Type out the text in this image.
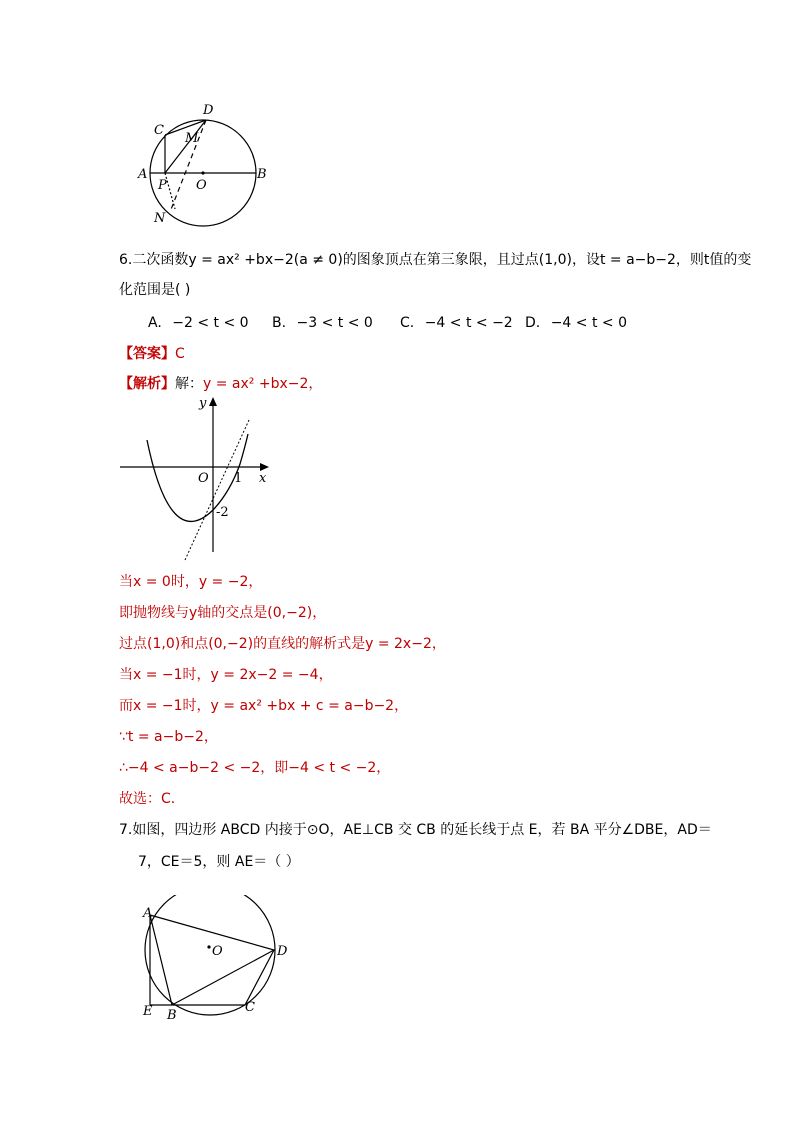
D
C
M
A
O
B
P
N
6.二次函数y = ax² +bx−2(a ≠ 0)的图象顶点在第三象限，且过点(1,0)，设t = a−b−2，则t值的变
化范围是( )
A. −2 < t < 0 B. −3 < t < 0 C. −4 < t < −2 D. −4 < t < 0
【答案】C
【解析】解：y = ax² +bx−2，
y
O 1 x
-2
当x = 0时，y = −2，
即抛物线与y轴的交点是(0,−2)，
过点(1,0)和点(0,−2)的直线的解析式是y = 2x−2，
当x = −1时，y = 2x−2 = −4，
而x = −1时，y = ax² +bx + c = a−b−2，
∵t = a−b−2，
∴−4 < a−b−2 < −2，即−4 < t < −2，
故选：C．
7.如图，四边形 ABCD 内接于⊙O，AE⊥CB 交 CB 的延长线于点 E，若 BA 平分∠DBE，AD＝
7，CE＝5，则 AE＝（ ）
A
O	D
E B
C
